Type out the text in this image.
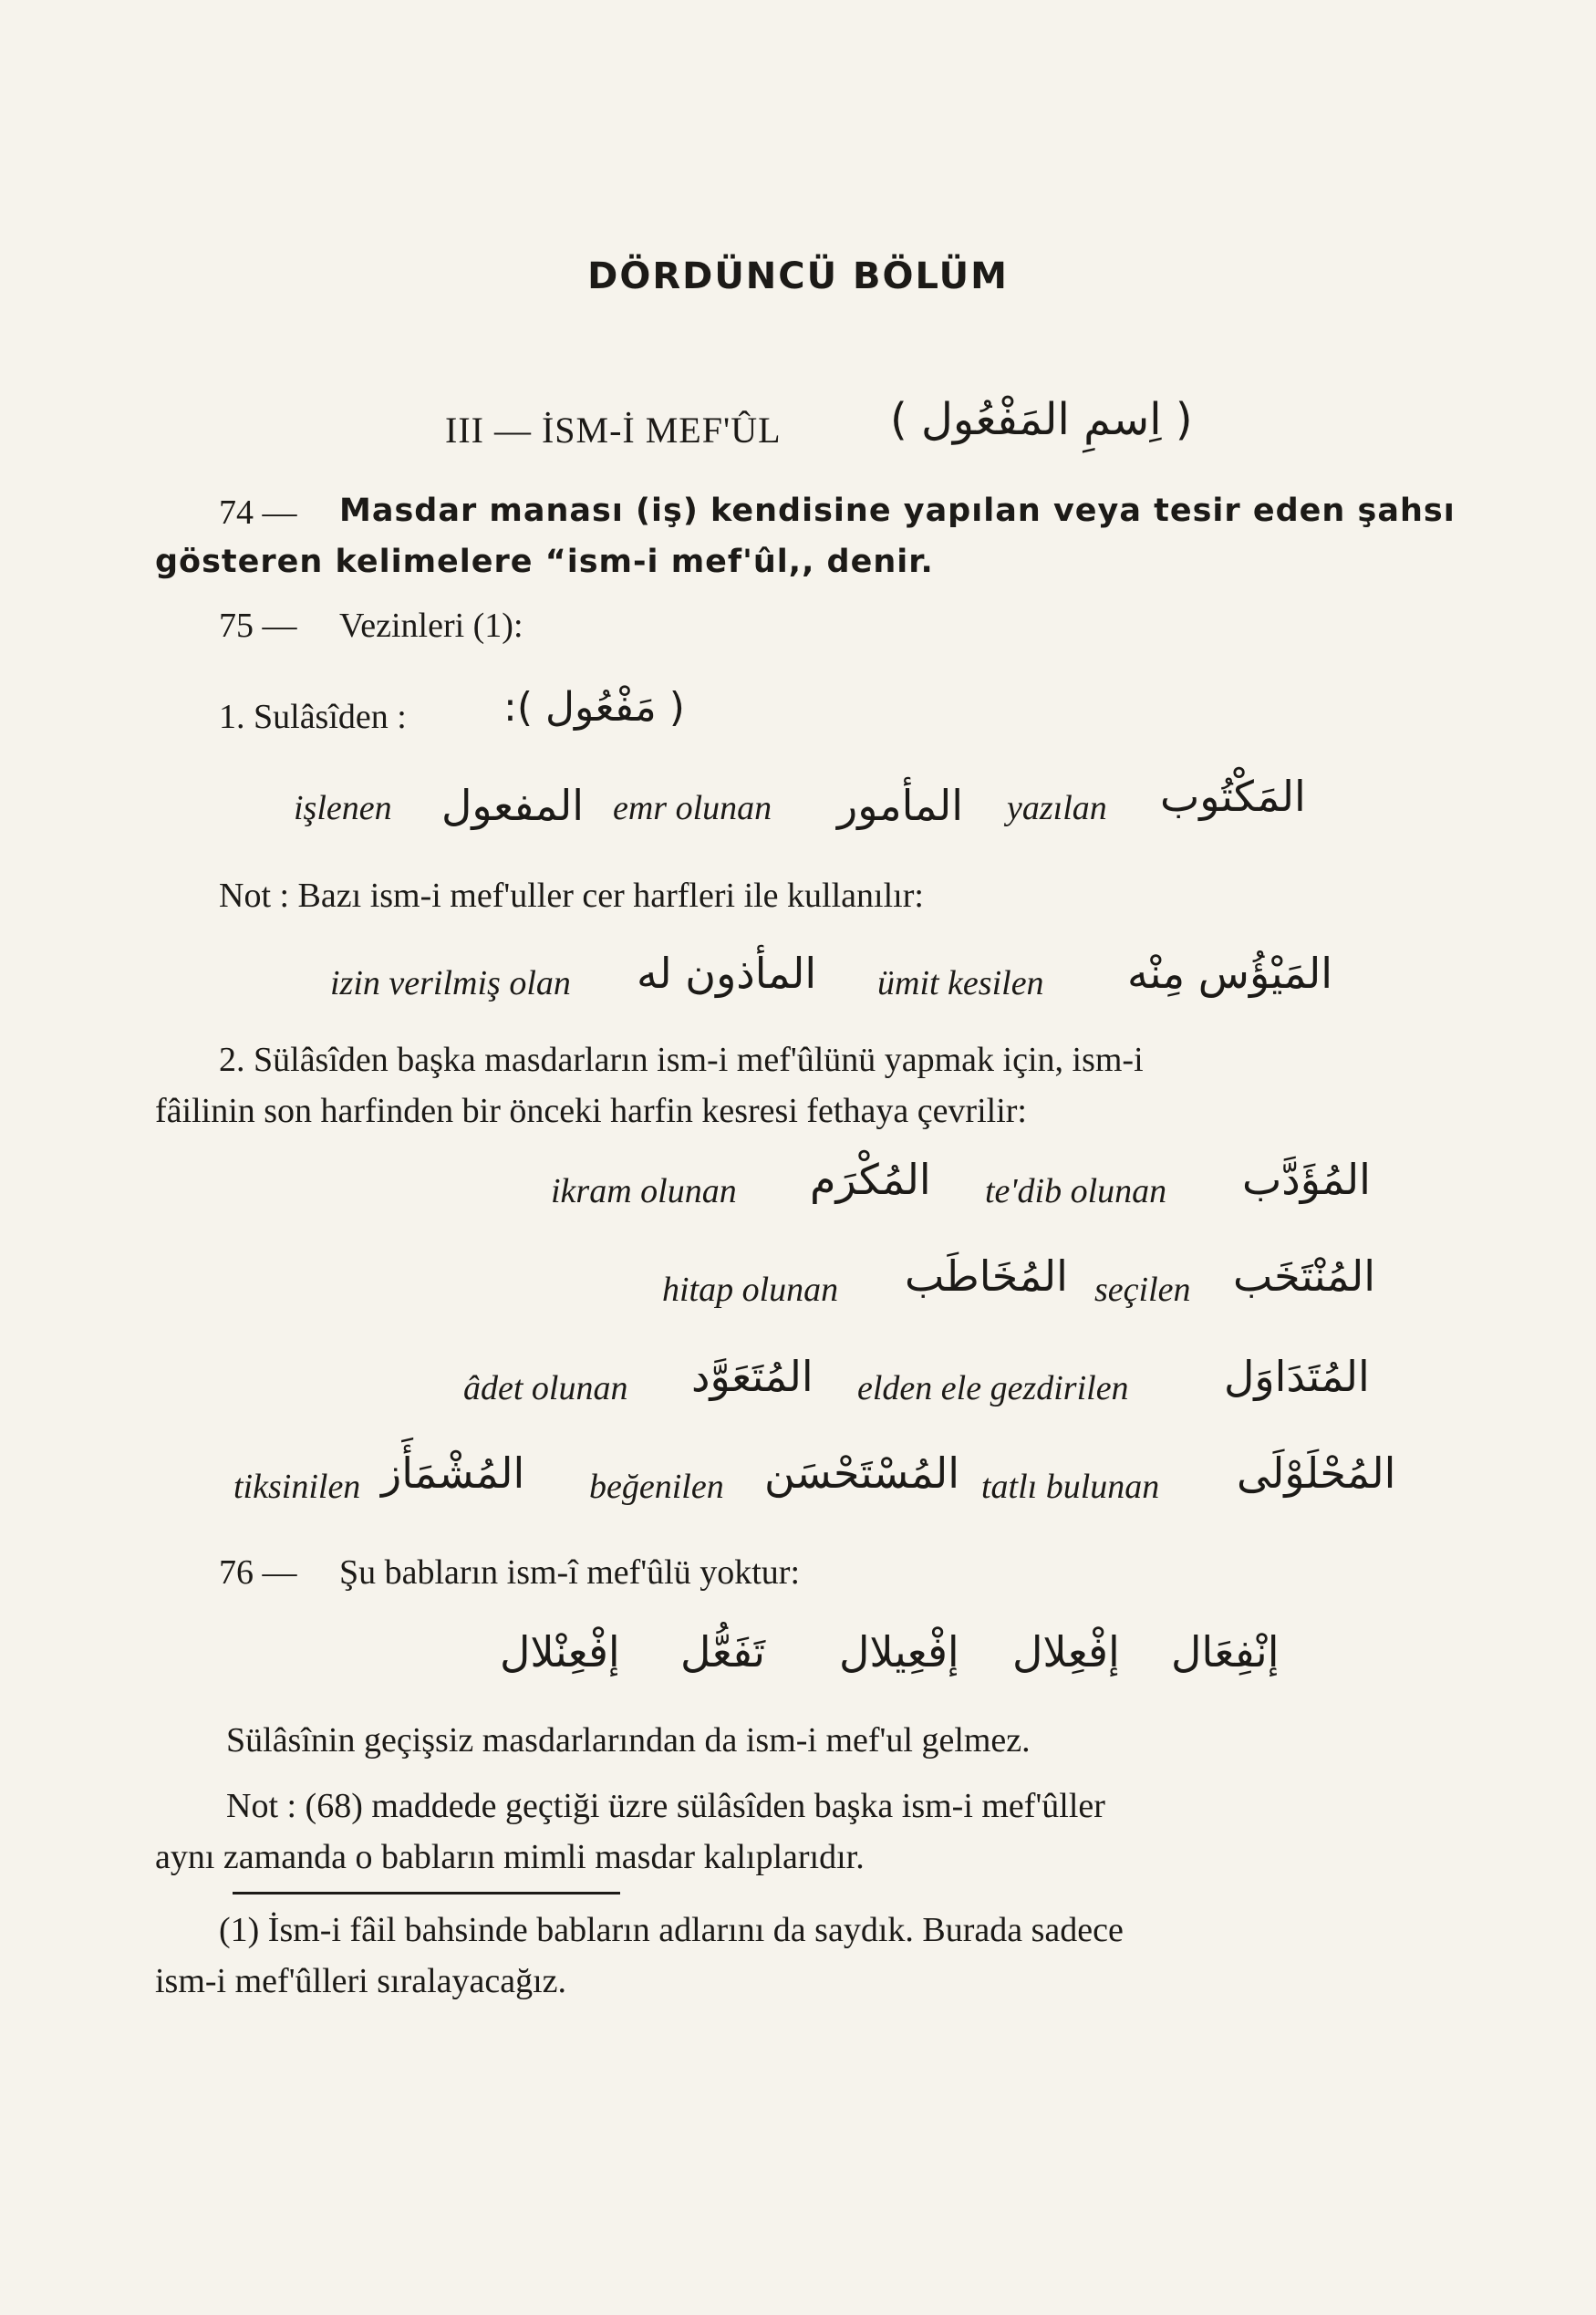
DÖRDÜNCÜ BÖLÜM
III — İSM-İ MEF'ÛL ( اِسمِ المَفْعُول )
74 — Masdar manası (iş) kendisine yapılan veya tesir eden şahsı
gösteren kelimelere “ism-i mef'ûl,, denir.
75 — Vezinleri (1):
1. Sulâsîden : ( مَفْعُول ):
işlenen المفعول emr olunan المأمور yazılan المَكْتُوب
Not : Bazı ism-i mef'uller cer harfleri ile kullanılır:
izin verilmiş olan المأذون له ümit kesilen المَيْؤُس مِنْه
2. Sülâsîden başka masdarların ism-i mef'ûlünü yapmak için, ism-i
fâilinin son harfinden bir önceki harfin kesresi fethaya çevrilir:
ikram olunan المُكْرَم te'dib olunan المُؤَدَّب
hitap olunan المُخَاطَب seçilen المُنْتَخَب
âdet olunan المُتَعَوَّد elden ele gezdirilen المُتَدَاوَل
tiksinilen المُشْمَأَز beğenilen المُسْتَحْسَن tatlı bulunan المُحْلَوْلَى
76 — Şu babların ism-î mef'ûlü yoktur:
إنْفِعَال
إفْعِلال
إفْعِيلال
تَفَعُّل
إفْعِنْلال
Sülâsînin geçişsiz masdarlarından da ism-i mef'ul gelmez.
Not : (68) maddede geçtiği üzre sülâsîden başka ism-i mef'ûller
aynı zamanda o babların mimli masdar kalıplarıdır.
(1) İsm-i fâil bahsinde babların adlarını da saydık. Burada sadece
ism-i mef'ûlleri sıralayacağız.
